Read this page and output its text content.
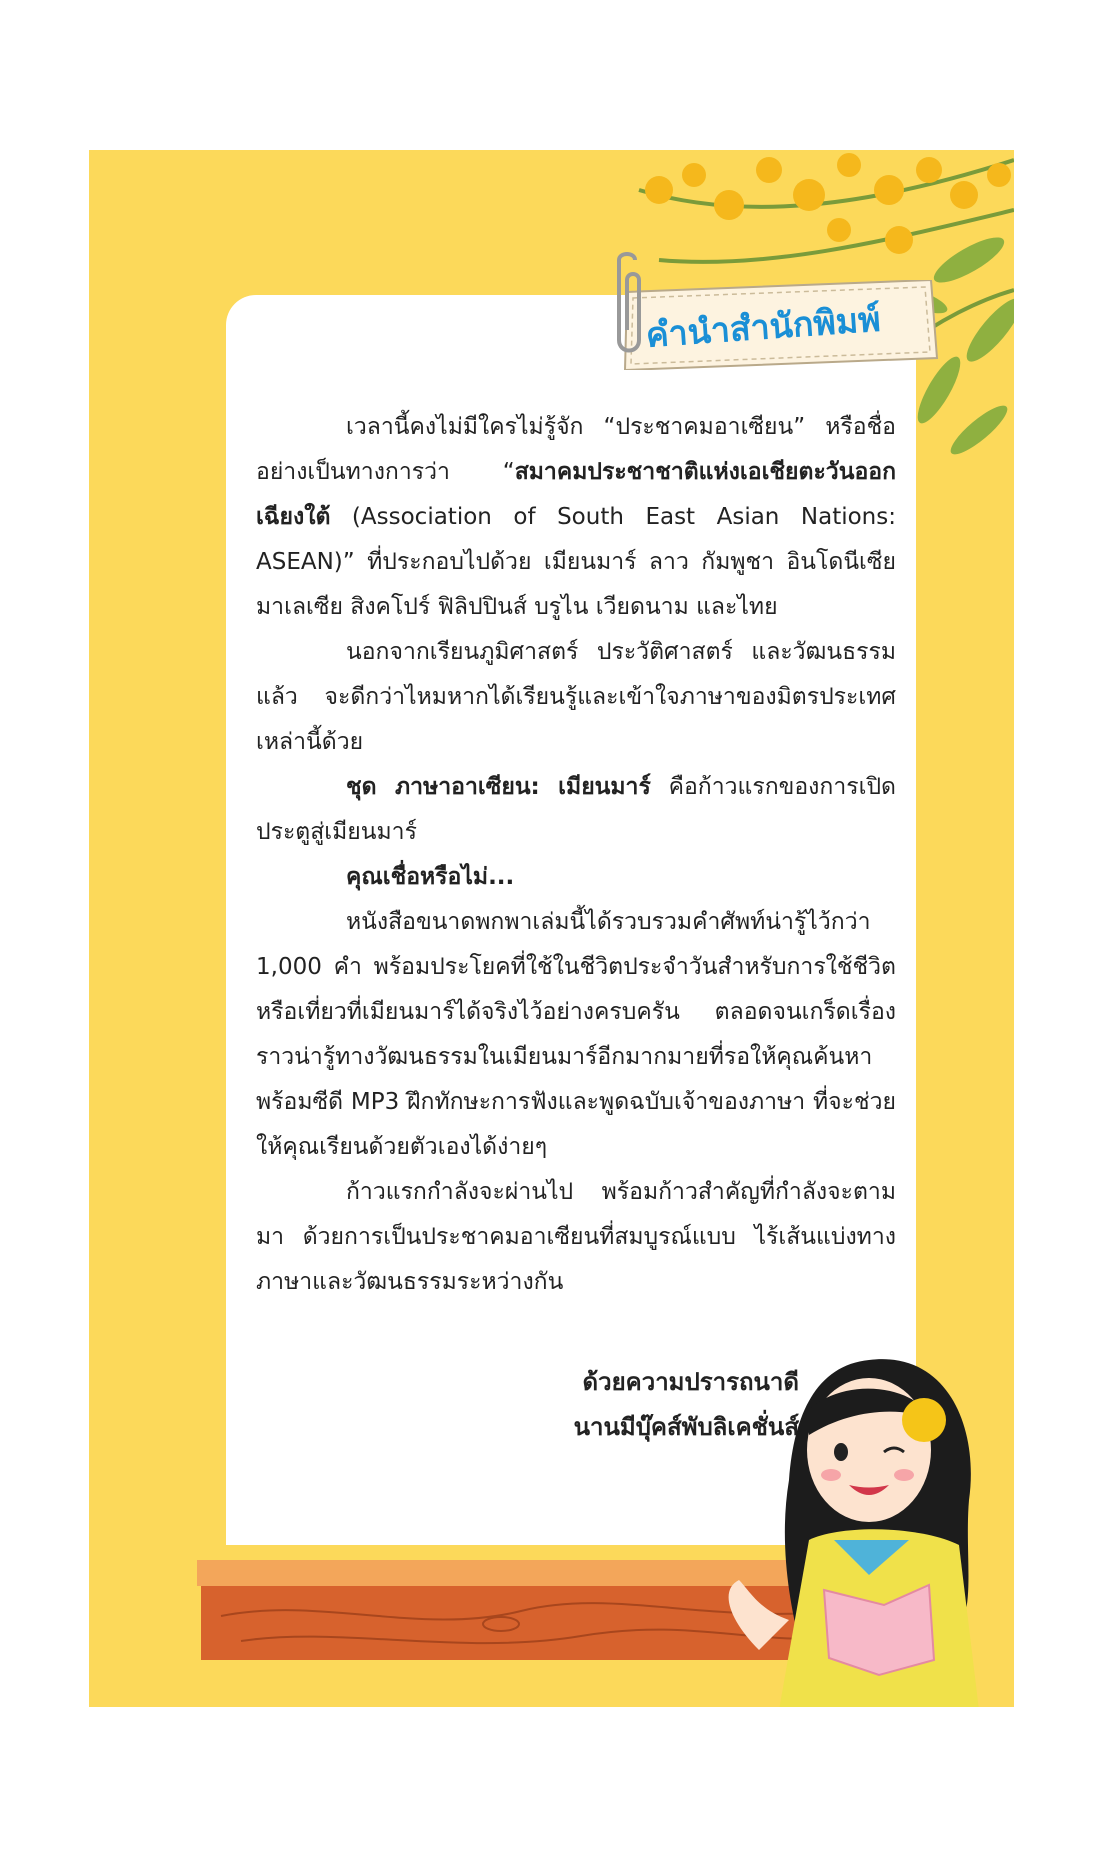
คำนำสำนักพิมพ์

เวลานี้คงไม่มีใครไม่รู้จัก “ประชาคมอาเซียน” หรือชื่ออย่างเป็นทางการว่า “สมาคมประชาชาติแห่งเอเชียตะวันออกเฉียงใต้ (Association of South East Asian Nations: ASEAN)” ที่ประกอบไปด้วย เมียนมาร์ ลาว กัมพูชา อินโดนีเซีย มาเลเซีย สิงคโปร์ ฟิลิปปินส์ บรูไน เวียดนาม และไทย

นอกจากเรียนภูมิศาสตร์ ประวัติศาสตร์ และวัฒนธรรมแล้ว จะดีกว่าไหมหากได้เรียนรู้และเข้าใจภาษาของมิตรประเทศเหล่านี้ด้วย

ชุด ภาษาอาเซียน: เมียนมาร์ คือก้าวแรกของการเปิดประตูสู่เมียนมาร์

คุณเชื่อหรือไม่...

หนังสือขนาดพกพาเล่มนี้ได้รวบรวมคำศัพท์น่ารู้ไว้กว่า 1,000 คำ พร้อมประโยคที่ใช้ในชีวิตประจำวันสำหรับการใช้ชีวิตหรือเที่ยวที่เมียนมาร์ได้จริงไว้อย่างครบครัน ตลอดจนเกร็ดเรื่องราวน่ารู้ทางวัฒนธรรมในเมียนมาร์อีกมากมายที่รอให้คุณค้นหา พร้อมซีดี MP3 ฝึกทักษะการฟังและพูดฉบับเจ้าของภาษา ที่จะช่วยให้คุณเรียนด้วยตัวเองได้ง่ายๆ

ก้าวแรกกำลังจะผ่านไป พร้อมก้าวสำคัญที่กำลังจะตามมา ด้วยการเป็นประชาคมอาเซียนที่สมบูรณ์แบบ ไร้เส้นแบ่งทางภาษาและวัฒนธรรมระหว่างกัน

ด้วยความปรารถนาดี
นานมีบุ๊คส์พับลิเคชั่นส์
